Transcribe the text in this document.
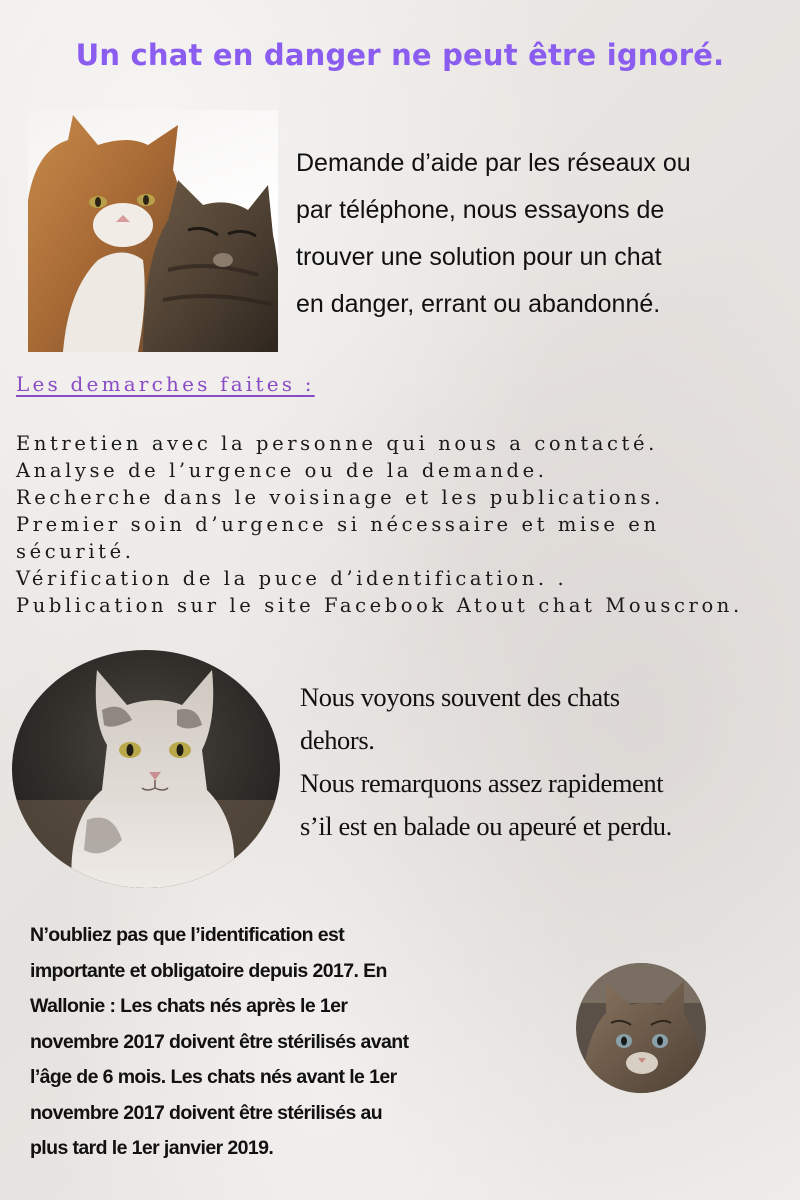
Un chat en danger ne peut être ignoré.
Demande d’aide par les réseaux ou
par téléphone, nous essayons de
trouver une solution pour un chat
en danger, errant ou abandonné.
Les demarches faites :
Entretien avec la personne qui nous a contacté.
Analyse de l’urgence ou de la demande.
Recherche dans le voisinage et les publications.
Premier soin d’urgence si nécessaire et mise en sécurité.
Vérification de la puce d’identification. .
Publication sur le site Facebook Atout chat Mouscron.
Nous voyons souvent des chats
dehors.
Nous remarquons assez rapidement
s’il est en balade ou apeuré et perdu.
N’oubliez pas que l’identification est
importante et obligatoire depuis 2017. En
Wallonie : Les chats nés après le 1er
novembre 2017 doivent être stérilisés avant
l’âge de 6 mois. Les chats nés avant le 1er
novembre 2017 doivent être stérilisés au
plus tard le 1er janvier 2019.
